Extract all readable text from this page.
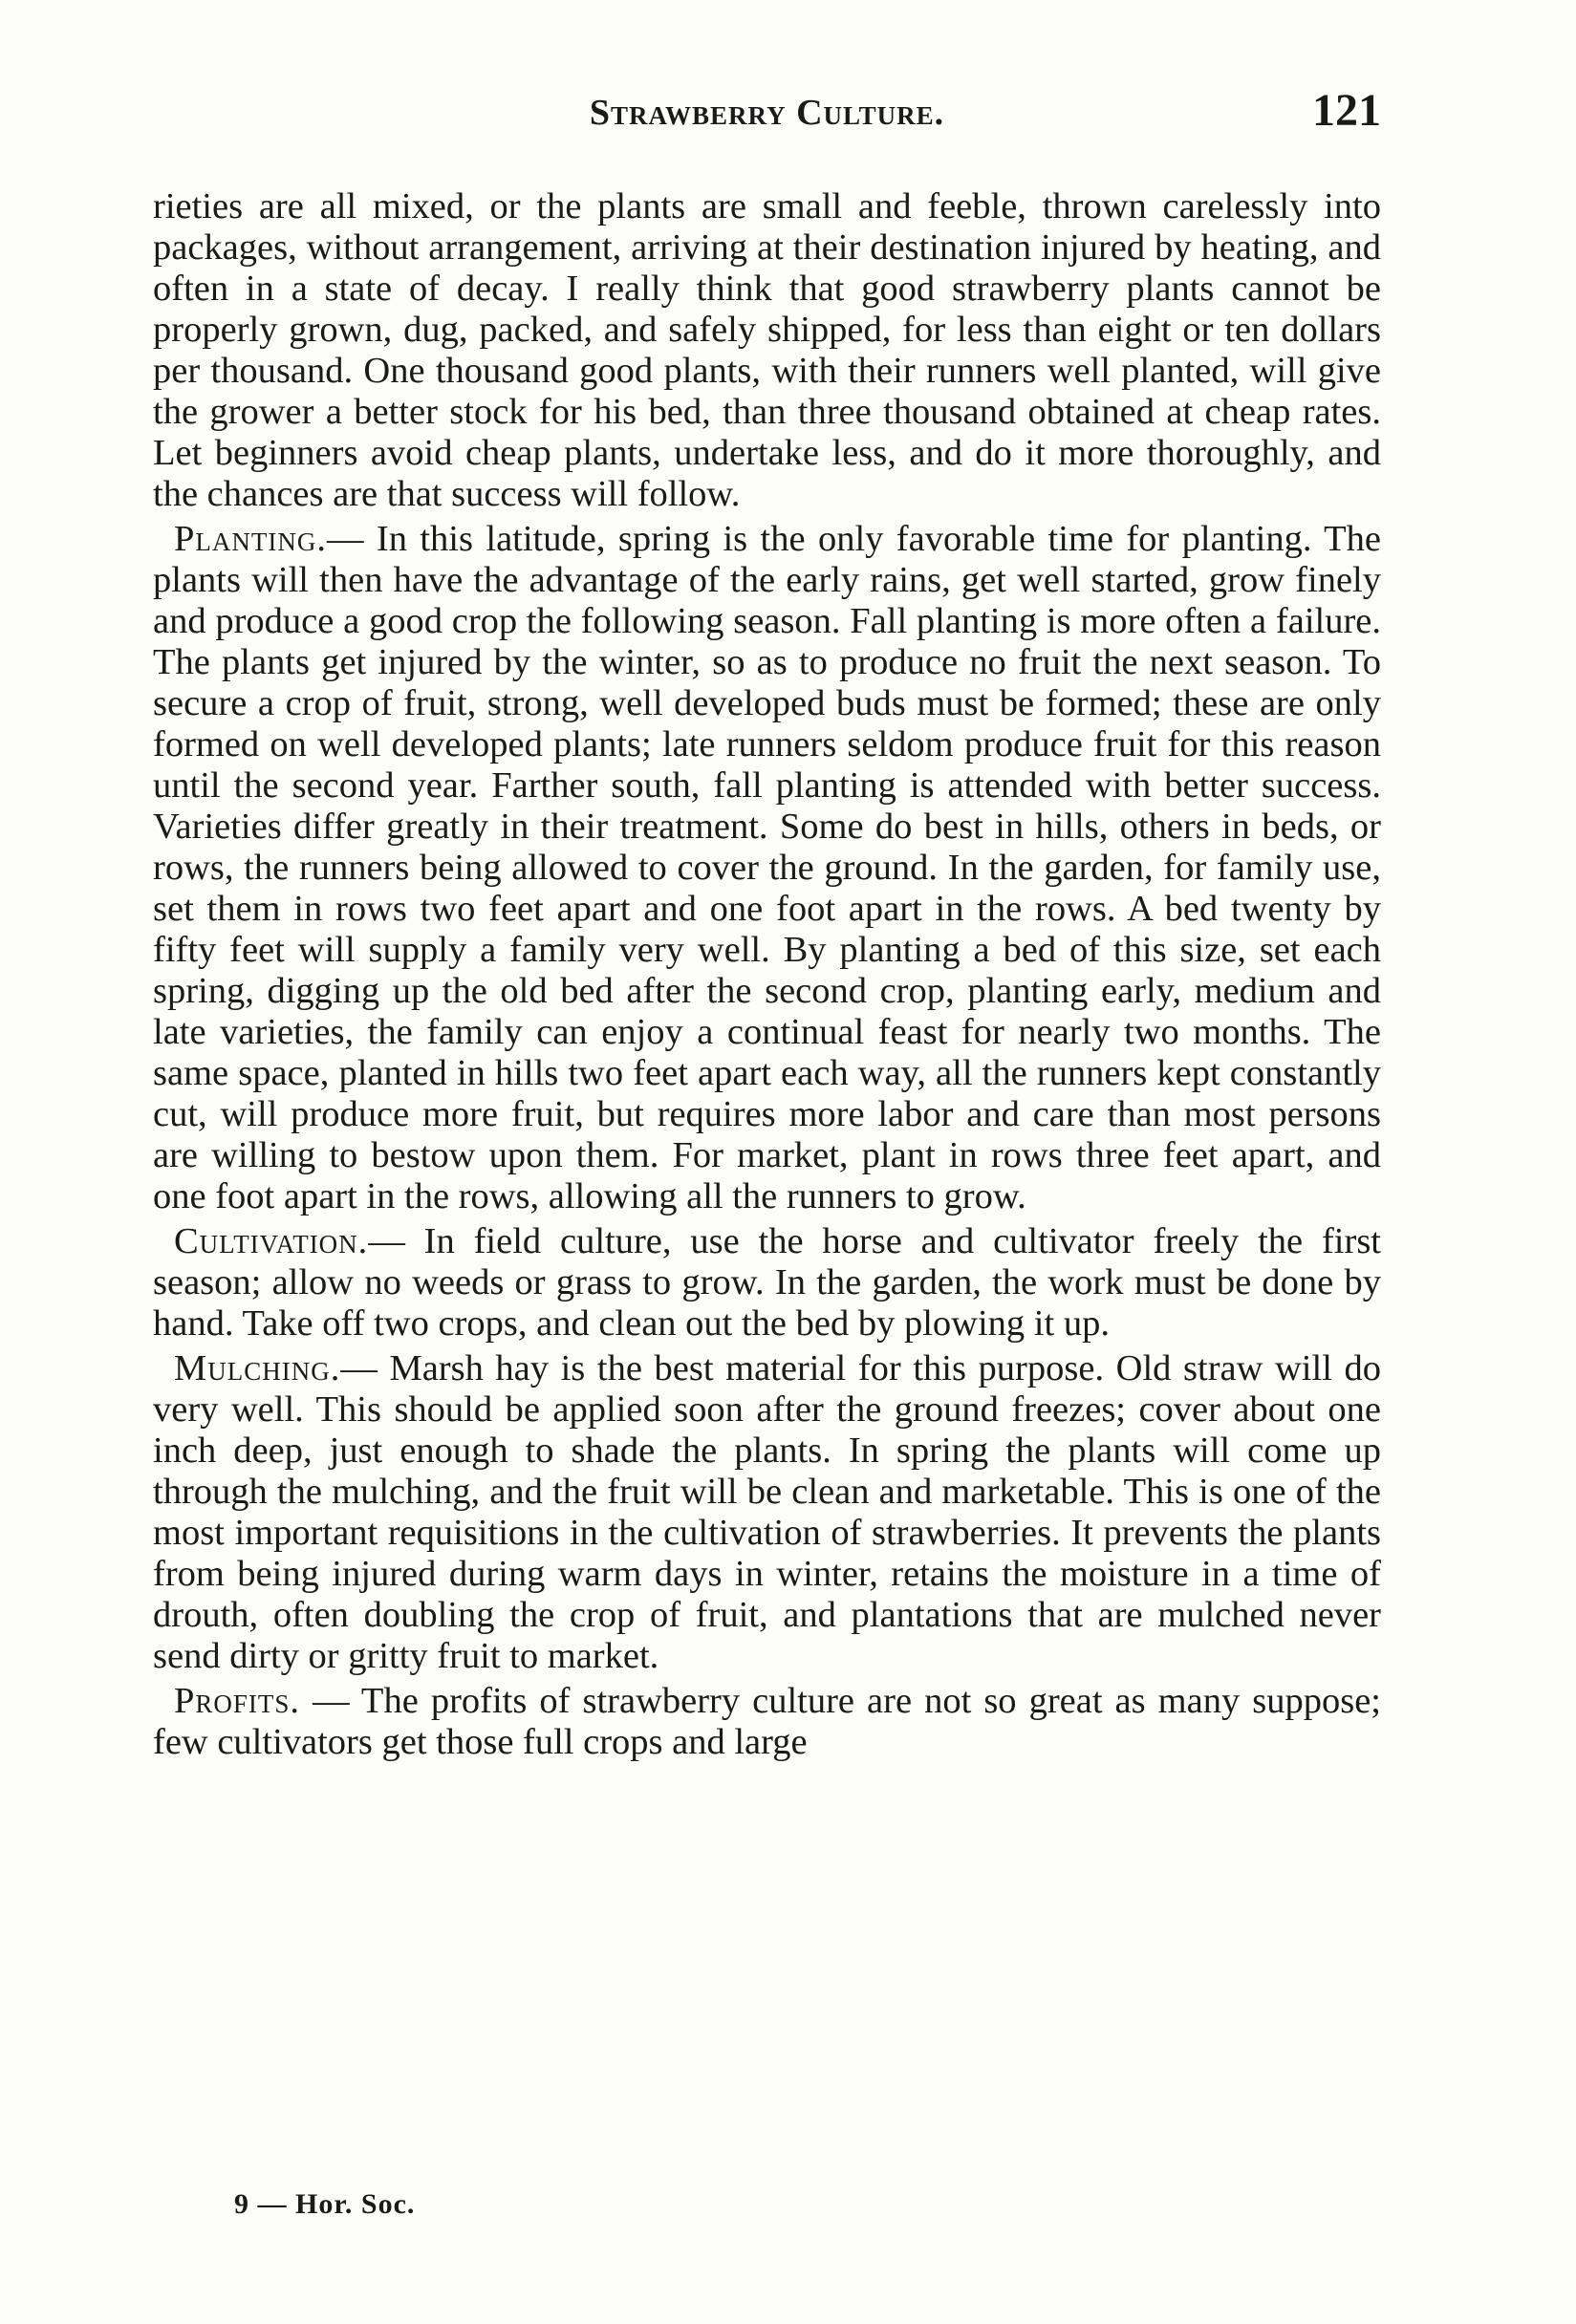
Strawberry Culture.	121

rieties are all mixed, or the plants are small and feeble, thrown carelessly into packages, without arrangement, arriving at their destination injured by heating, and often in a state of decay. I really think that good strawberry plants cannot be properly grown, dug, packed, and safely shipped, for less than eight or ten dollars per thousand. One thousand good plants, with their runners well planted, will give the grower a better stock for his bed, than three thousand obtained at cheap rates. Let beginners avoid cheap plants, undertake less, and do it more thoroughly, and the chances are that success will follow.

Planting.— In this latitude, spring is the only favorable time for planting. The plants will then have the advantage of the early rains, get well started, grow finely and produce a good crop the following season. Fall planting is more often a failure. The plants get injured by the winter, so as to produce no fruit the next season. To secure a crop of fruit, strong, well developed buds must be formed; these are only formed on well developed plants; late runners seldom produce fruit for this reason until the second year. Farther south, fall planting is attended with better success. Varieties differ greatly in their treatment. Some do best in hills, others in beds, or rows, the runners being allowed to cover the ground. In the garden, for family use, set them in rows two feet apart and one foot apart in the rows. A bed twenty by fifty feet will supply a family very well. By planting a bed of this size, set each spring, digging up the old bed after the second crop, planting early, medium and late varieties, the family can enjoy a continual feast for nearly two months. The same space, planted in hills two feet apart each way, all the runners kept constantly cut, will produce more fruit, but requires more labor and care than most persons are willing to bestow upon them. For market, plant in rows three feet apart, and one foot apart in the rows, allowing all the runners to grow.

Cultivation.— In field culture, use the horse and cultivator freely the first season; allow no weeds or grass to grow. In the garden, the work must be done by hand. Take off two crops, and clean out the bed by plowing it up.

Mulching.— Marsh hay is the best material for this purpose. Old straw will do very well. This should be applied soon after the ground freezes; cover about one inch deep, just enough to shade the plants. In spring the plants will come up through the mulching, and the fruit will be clean and marketable. This is one of the most important requisitions in the cultivation of strawberries. It prevents the plants from being injured during warm days in winter, retains the moisture in a time of drouth, often doubling the crop of fruit, and plantations that are mulched never send dirty or gritty fruit to market.

Profits. — The profits of strawberry culture are not so great as many suppose; few cultivators get those full crops and large

9 — Hor. Soc.
